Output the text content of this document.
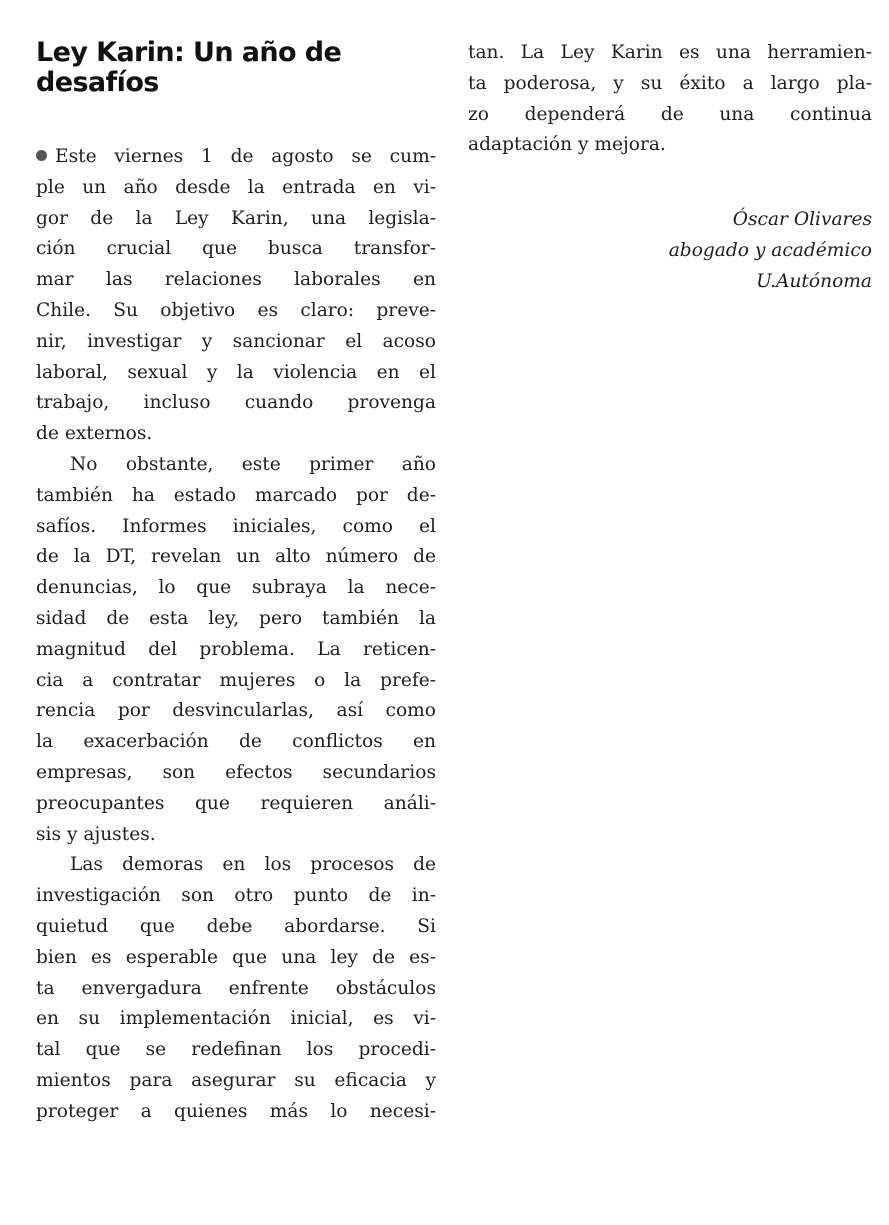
Ley Karin: Un año de
desafíos
Este viernes 1 de agosto se cum-
ple un año desde la entrada en vi-
gor de la Ley Karin, una legisla-
ción crucial que busca transfor-
mar las relaciones laborales en
Chile. Su objetivo es claro: preve-
nir, investigar y sancionar el acoso
laboral, sexual y la violencia en el
trabajo, incluso cuando provenga
de externos.
No obstante, este primer año
también ha estado marcado por de-
safíos. Informes iniciales, como el
de la DT, revelan un alto número de
denuncias, lo que subraya la nece-
sidad de esta ley, pero también la
magnitud del problema. La reticen-
cia a contratar mujeres o la prefe-
rencia por desvincularlas, así como
la exacerbación de conflictos en
empresas, son efectos secundarios
preocupantes que requieren análi-
sis y ajustes.
Las demoras en los procesos de
investigación son otro punto de in-
quietud que debe abordarse. Si
bien es esperable que una ley de es-
ta envergadura enfrente obstáculos
en su implementación inicial, es vi-
tal que se redefinan los procedi-
mientos para asegurar su eficacia y
proteger a quienes más lo necesi-
tan. La Ley Karin es una herramien-
ta poderosa, y su éxito a largo pla-
zo dependerá de una continua
adaptación y mejora.
Óscar Olivares
abogado y académico
U.Autónoma
